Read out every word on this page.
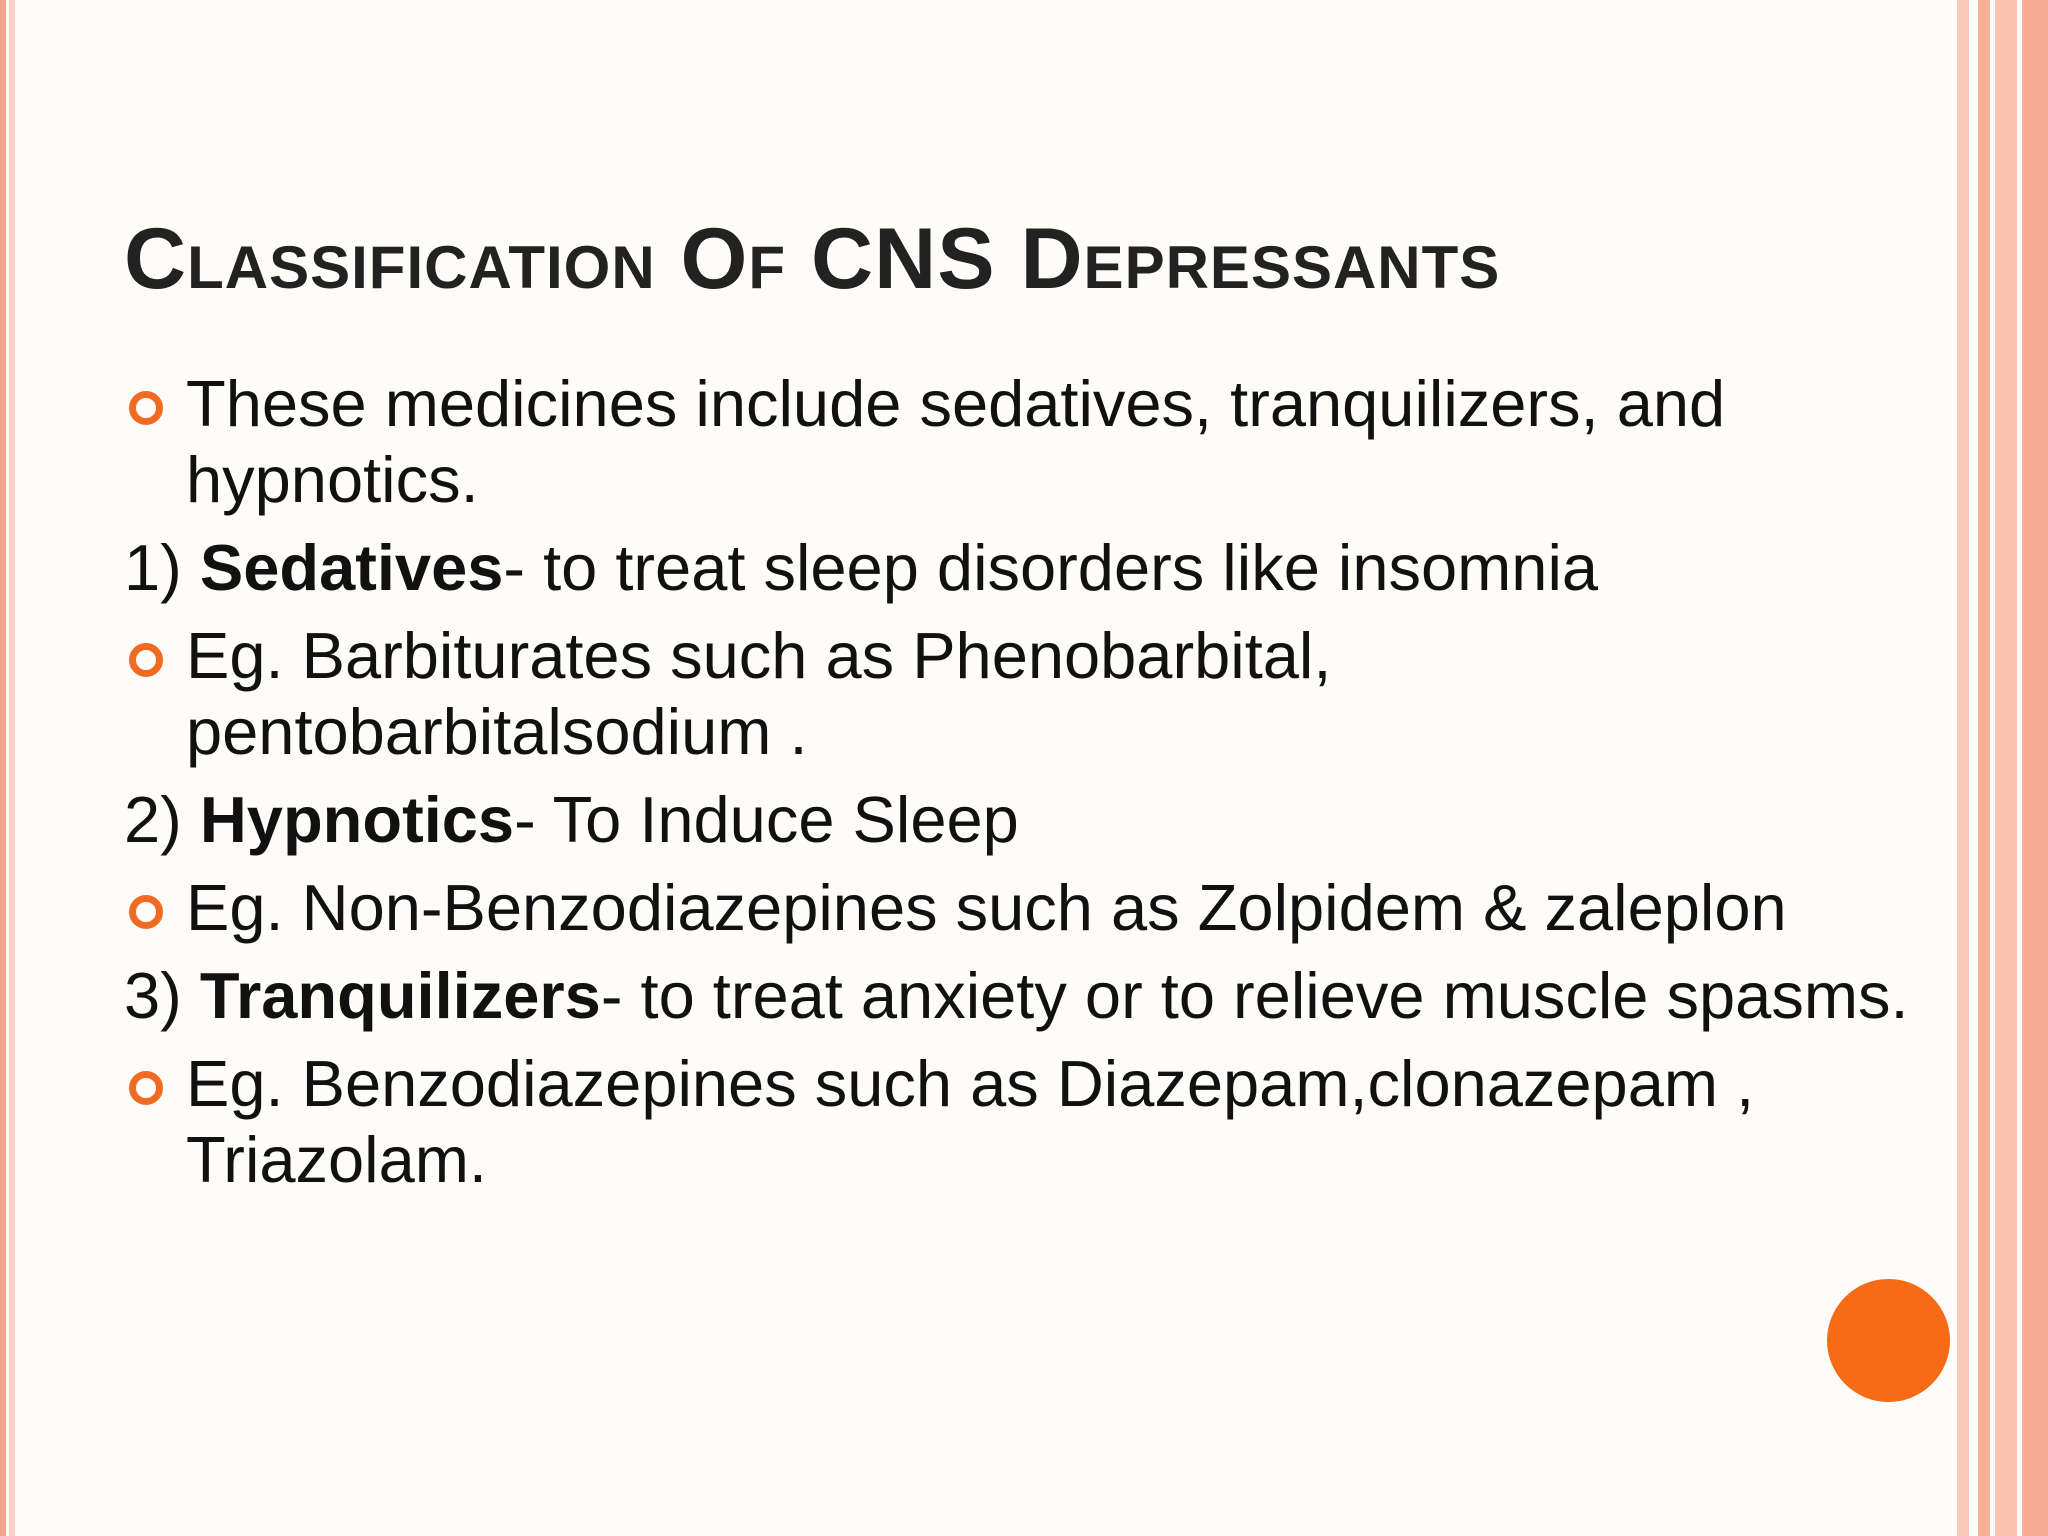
Classification Of CNS Depressants
These medicines include sedatives, tranquilizers, and hypnotics.
1) Sedatives- to treat sleep disorders like insomnia
Eg. Barbiturates such as Phenobarbital, pentobarbitalsodium .
2) Hypnotics- To Induce Sleep
Eg. Non-Benzodiazepines such as Zolpidem & zaleplon
3) Tranquilizers- to treat anxiety or to relieve muscle spasms.
Eg. Benzodiazepines such as Diazepam,clonazepam , Triazolam.
